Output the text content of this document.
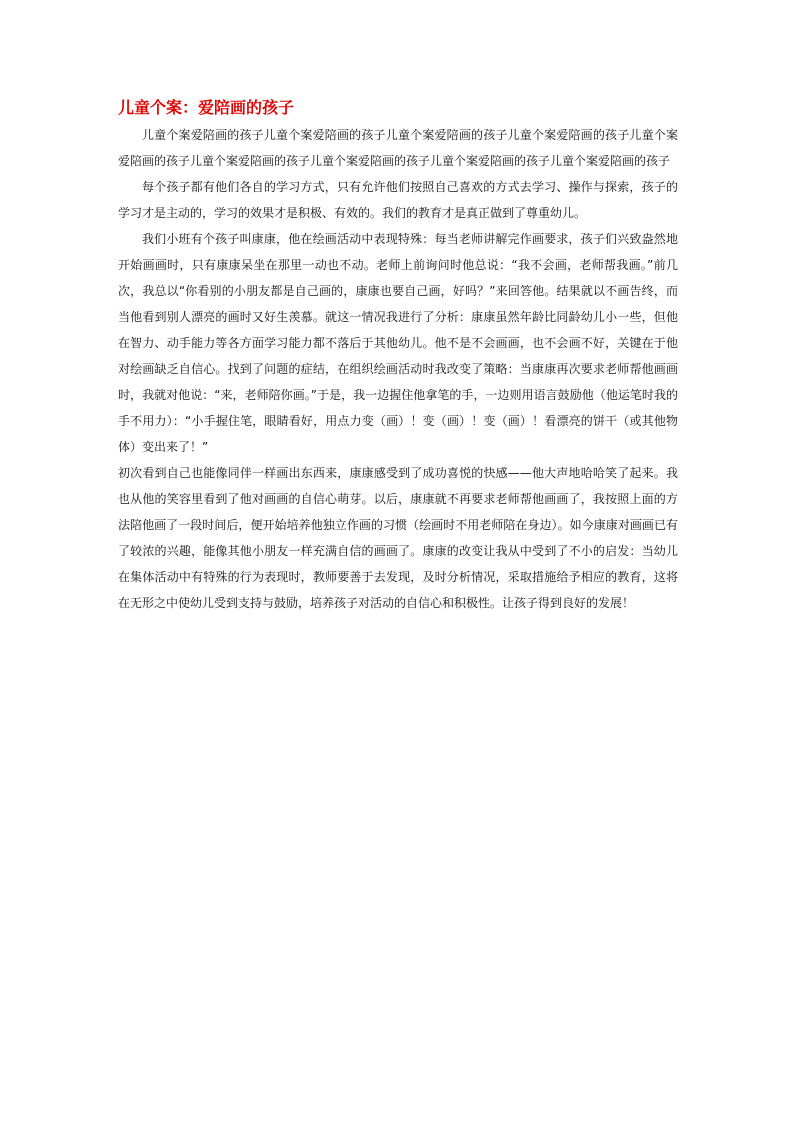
儿童个案：爱陪画的孩子

儿童个案爱陪画的孩子儿童个案爱陪画的孩子儿童个案爱陪画的孩子儿童个案爱陪画的孩子儿童个案爱陪画的孩子儿童个案爱陪画的孩子儿童个案爱陪画的孩子儿童个案爱陪画的孩子儿童个案爱陪画的孩子

每个孩子都有他们各自的学习方式，只有允许他们按照自己喜欢的方式去学习、操作与探索，孩子的学习才是主动的，学习的效果才是积极、有效的。我们的教育才是真正做到了尊重幼儿。

我们小班有个孩子叫康康，他在绘画活动中表现特殊：每当老师讲解完作画要求，孩子们兴致盎然地开始画画时，只有康康呆坐在那里一动也不动。老师上前询问时他总说：“我不会画，老师帮我画。”前几次，我总以“你看别的小朋友都是自己画的，康康也要自己画，好吗？”来回答他。结果就以不画告终，而当他看到别人漂亮的画时又好生羡慕。就这一情况我进行了分析：康康虽然年龄比同龄幼儿小一些，但他在智力、动手能力等各方面学习能力都不落后于其他幼儿。他不是不会画画，也不会画不好，关键在于他对绘画缺乏自信心。找到了问题的症结，在组织绘画活动时我改变了策略：当康康再次要求老师帮他画画时，我就对他说：“来，老师陪你画。”于是，我一边握住他拿笔的手，一边则用语言鼓励他（他运笔时我的手不用力）：“小手握住笔，眼睛看好，用点力变（画）！变（画）！变（画）！看漂亮的饼干（或其他物体）变出来了！”

初次看到自己也能像同伴一样画出东西来，康康感受到了成功喜悦的快感——他大声地哈哈笑了起来。我也从他的笑容里看到了他对画画的自信心萌芽。以后，康康就不再要求老师帮他画画了，我按照上面的方法陪他画了一段时间后，便开始培养他独立作画的习惯（绘画时不用老师陪在身边）。如今康康对画画已有了较浓的兴趣，能像其他小朋友一样充满自信的画画了。康康的改变让我从中受到了不小的启发：当幼儿在集体活动中有特殊的行为表现时，教师要善于去发现，及时分析情况，采取措施给予相应的教育，这将在无形之中使幼儿受到支持与鼓励，培养孩子对活动的自信心和积极性。让孩子得到良好的发展！
